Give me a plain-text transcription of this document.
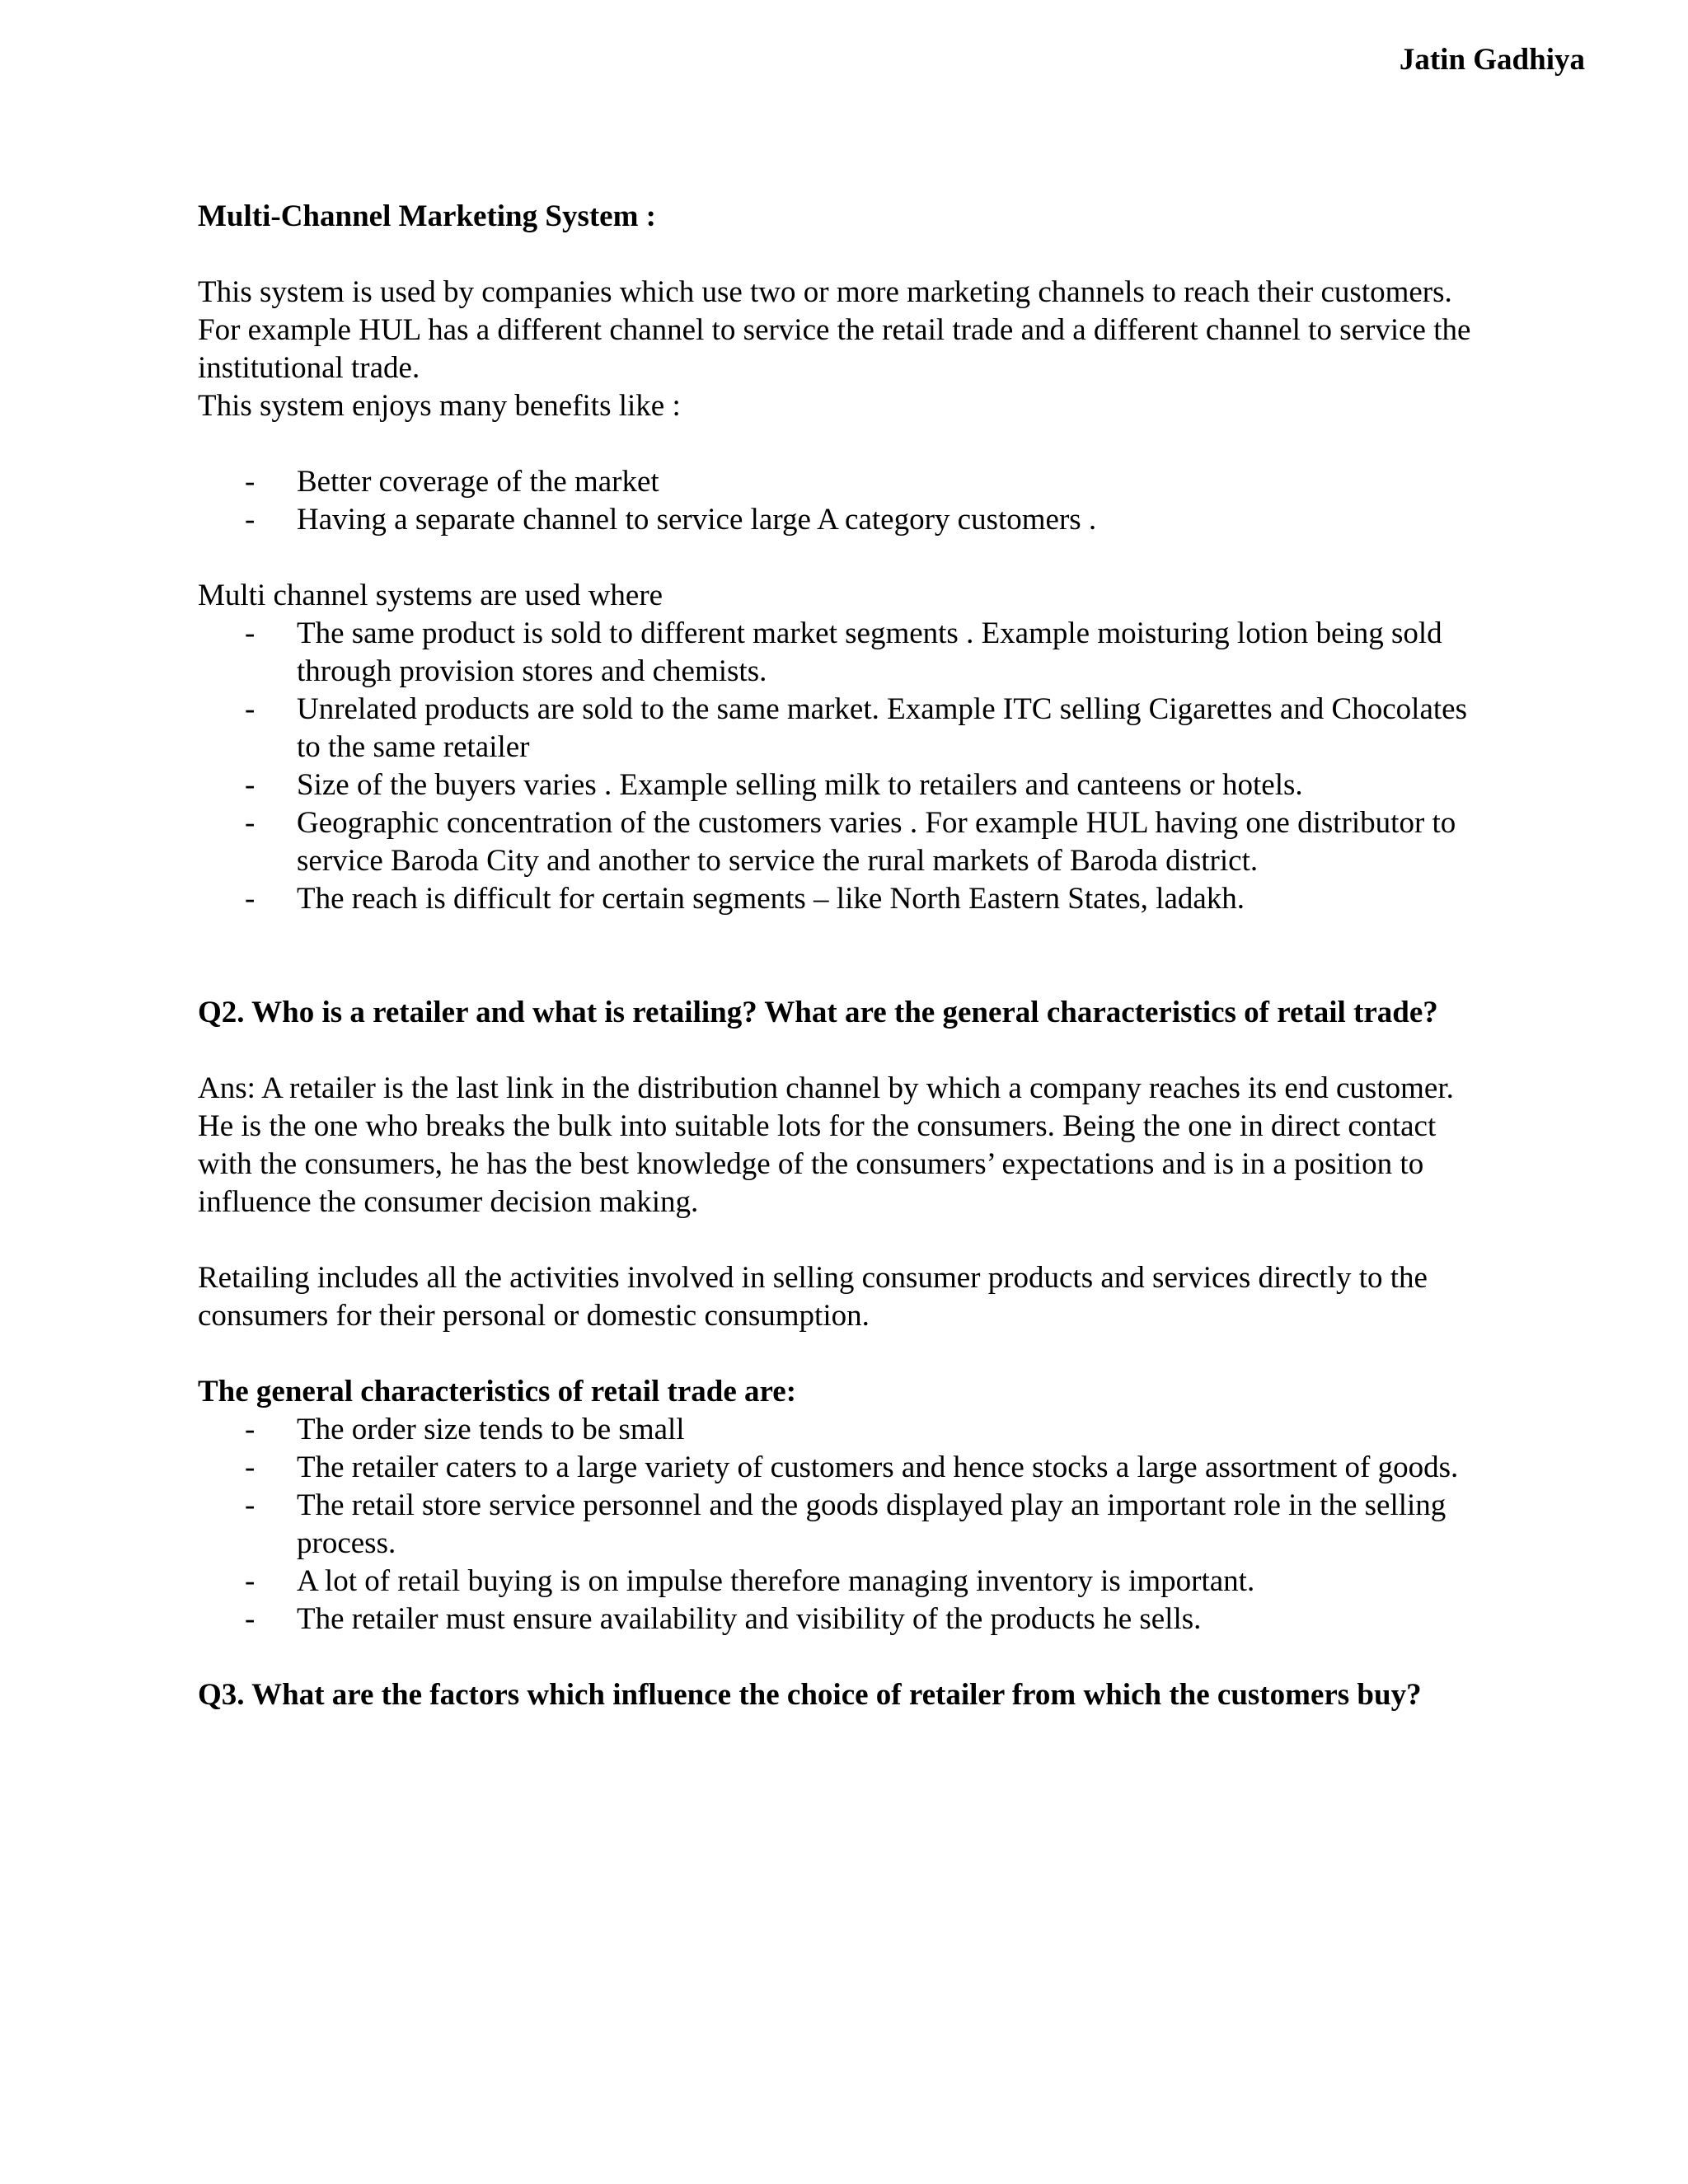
Jatin Gadhiya

Multi-Channel Marketing System :

This system is used by companies which use two or more marketing channels to reach their customers. For example HUL has a different channel to service the retail trade and a different channel to service the institutional trade.

This system enjoys many benefits like :

- Better coverage of the market
- Having a separate channel to service large A category customers .

Multi channel systems are used where

- The same product is sold to different market segments . Example moisturing lotion being sold through provision stores and chemists.
- Unrelated products are sold to the same market. Example ITC selling Cigarettes and Chocolates to the same retailer
- Size of the buyers varies . Example selling milk to retailers and canteens or hotels.
- Geographic concentration of the customers varies . For example HUL having one distributor to service Baroda City and another to service the rural markets of Baroda district.
- The reach is difficult for certain segments – like North Eastern States, ladakh.

Q2. Who is a retailer and what is retailing? What are the general characteristics of retail trade?

Ans: A retailer is the last link in the distribution channel by which a company reaches its end customer. He is the one who breaks the bulk into suitable lots for the consumers. Being the one in direct contact with the consumers, he has the best knowledge of the consumers’ expectations and is in a position to influence the consumer decision making.

Retailing includes all the activities involved in selling consumer products and services directly to the consumers for their personal or domestic consumption.

The general characteristics of retail trade are:

- The order size tends to be small
- The retailer caters to a large variety of customers and hence stocks a large assortment of goods.
- The retail store service personnel and the goods displayed play an important role in the selling process.
- A lot of retail buying is on impulse therefore managing inventory is important.
- The retailer must ensure availability and visibility of the products he sells.

Q3. What are the factors which influence the choice of retailer from which the customers buy?
